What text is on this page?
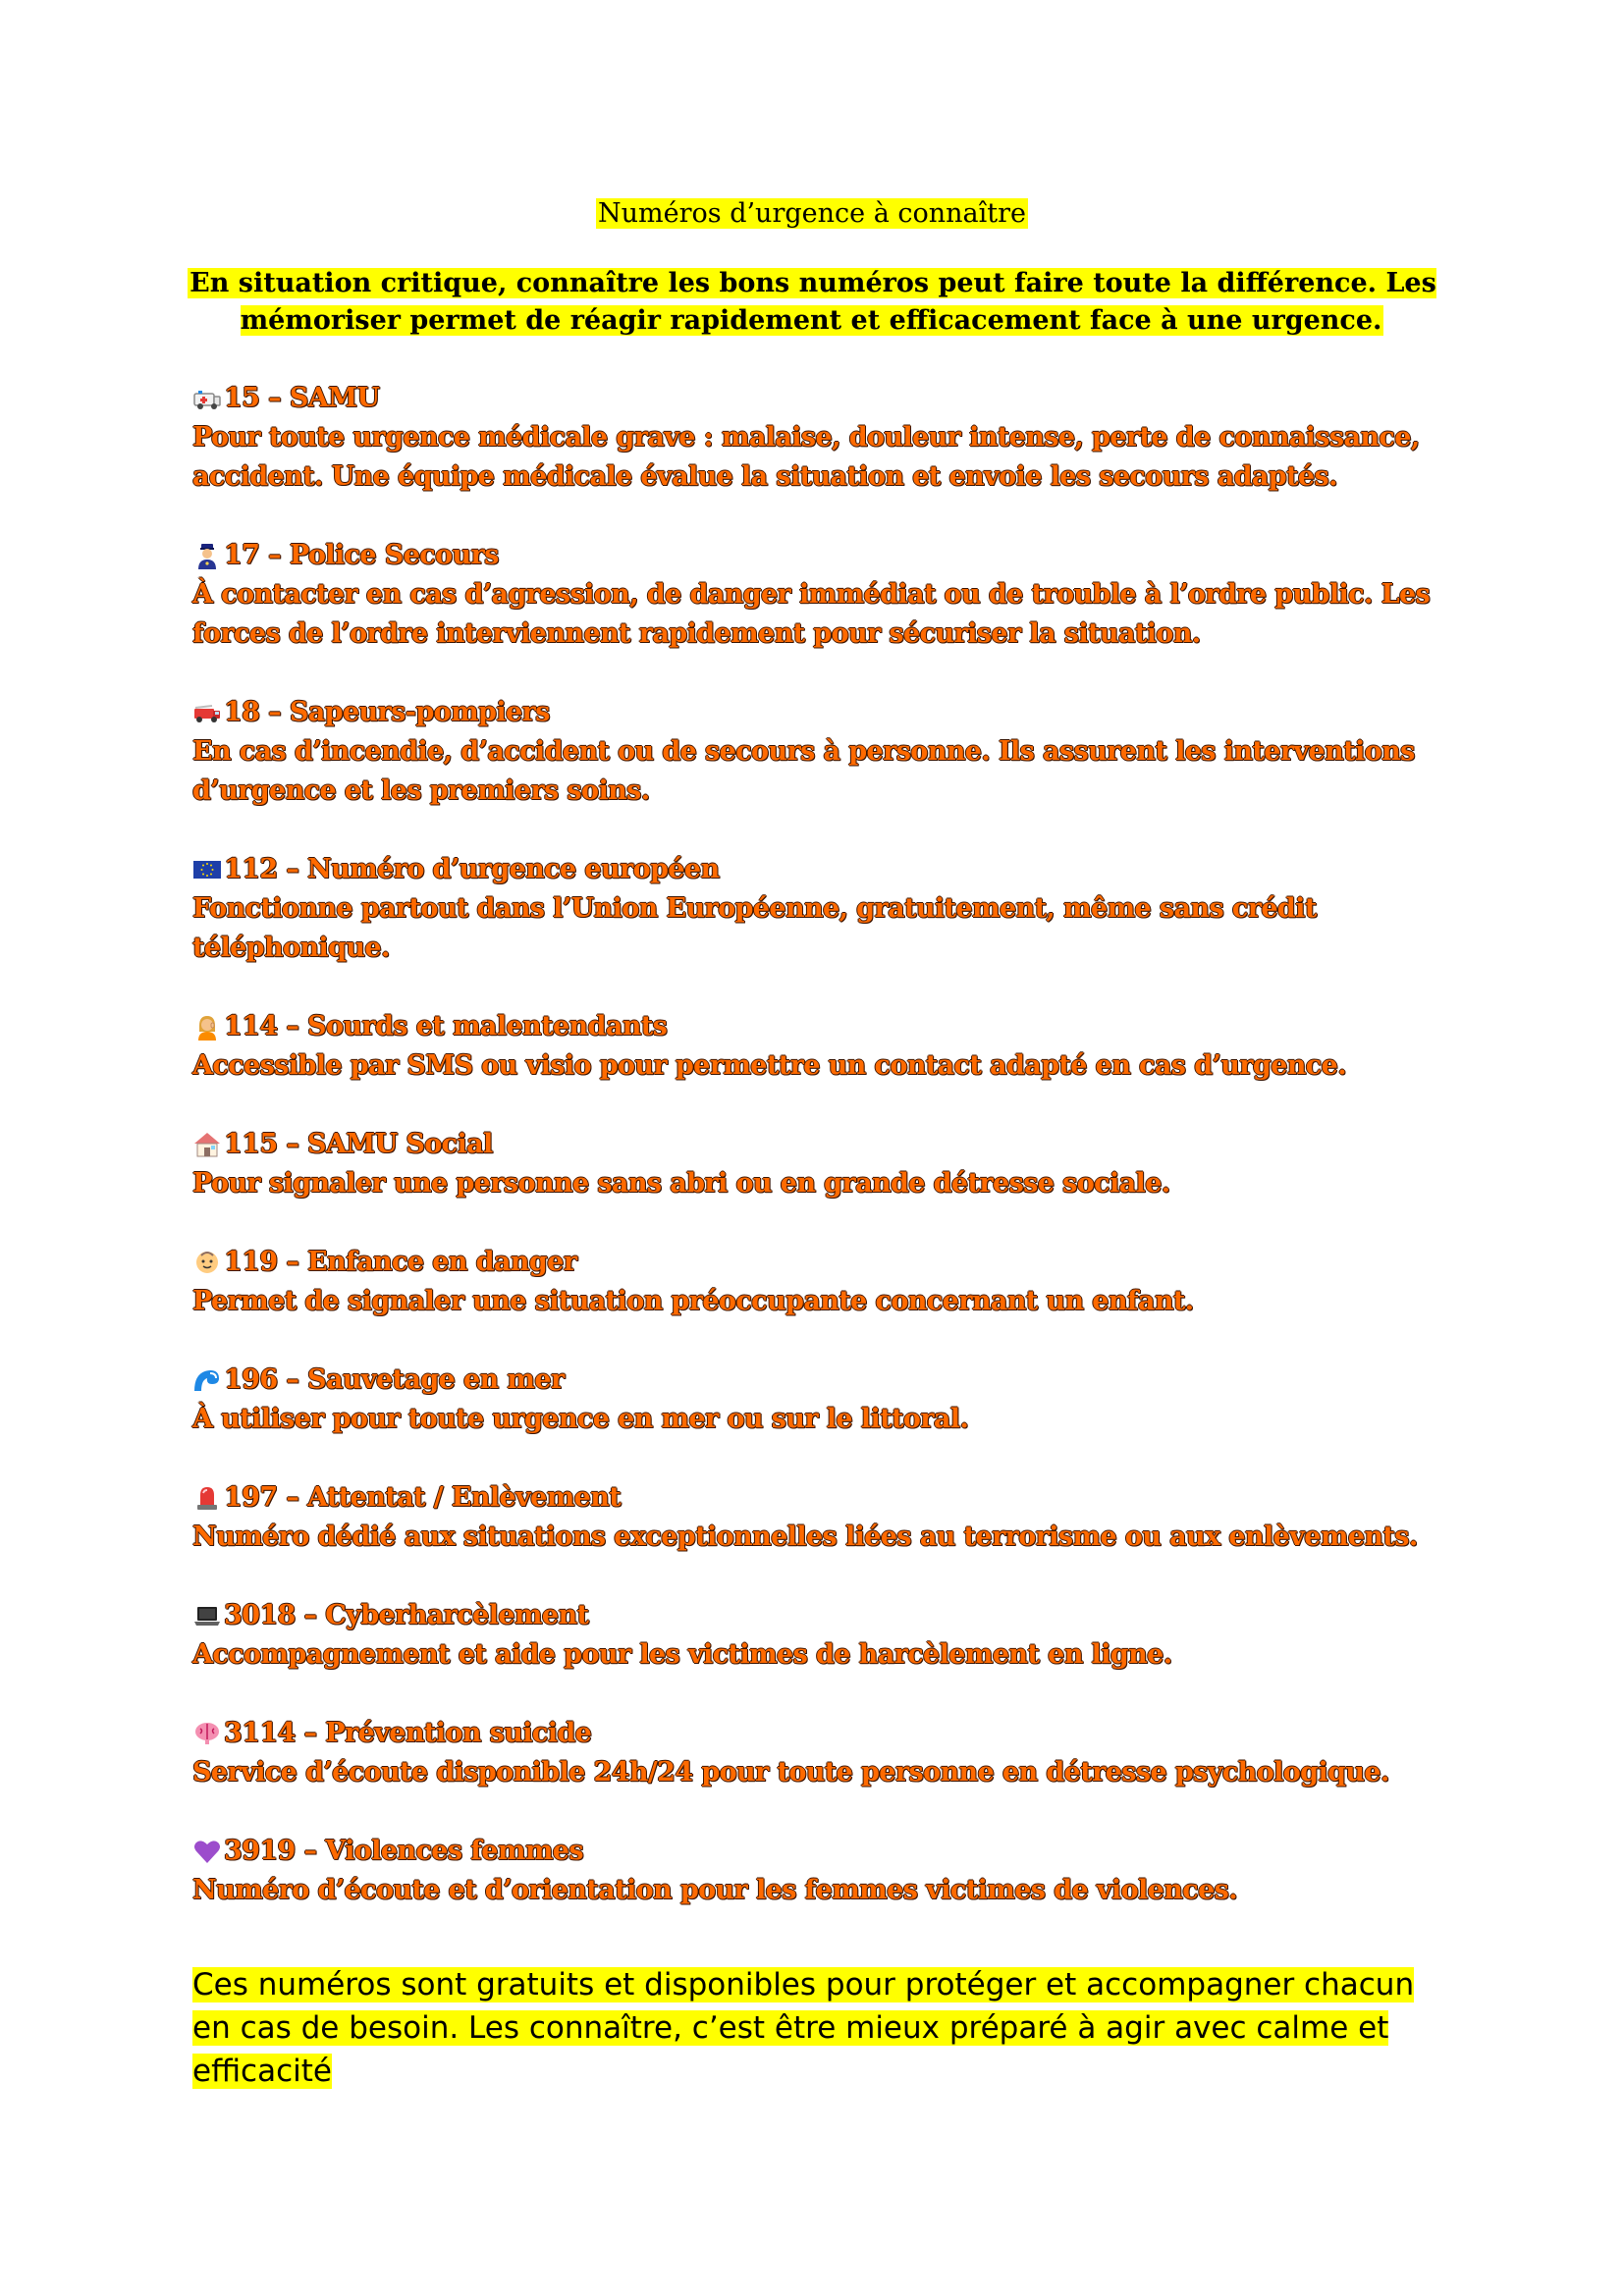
Numéros d’urgence à connaître
En situation critique, connaître les bons numéros peut faire toute la différence. Les mémoriser permet de réagir rapidement et efficacement face à une urgence.
15 – SAMU
Pour toute urgence médicale grave : malaise, douleur intense, perte de connaissance, accident. Une équipe médicale évalue la situation et envoie les secours adaptés.
17 – Police Secours
À contacter en cas d’agression, de danger immédiat ou de trouble à l’ordre public. Les forces de l’ordre interviennent rapidement pour sécuriser la situation.
18 – Sapeurs-pompiers
En cas d’incendie, d’accident ou de secours à personne. Ils assurent les interventions d’urgence et les premiers soins.
112 – Numéro d’urgence européen
Fonctionne partout dans l’Union Européenne, gratuitement, même sans crédit téléphonique.
114 – Sourds et malentendants
Accessible par SMS ou visio pour permettre un contact adapté en cas d’urgence.
115 – SAMU Social
Pour signaler une personne sans abri ou en grande détresse sociale.
119 – Enfance en danger
Permet de signaler une situation préoccupante concernant un enfant.
196 – Sauvetage en mer
À utiliser pour toute urgence en mer ou sur le littoral.
197 – Attentat / Enlèvement
Numéro dédié aux situations exceptionnelles liées au terrorisme ou aux enlèvements.
3018 – Cyberharcèlement
Accompagnement et aide pour les victimes de harcèlement en ligne.
3114 – Prévention suicide
Service d’écoute disponible 24h/24 pour toute personne en détresse psychologique.
3919 – Violences femmes
Numéro d’écoute et d’orientation pour les femmes victimes de violences.
Ces numéros sont gratuits et disponibles pour protéger et accompagner chacun en cas de besoin. Les connaître, c’est être mieux préparé à agir avec calme et efficacité
